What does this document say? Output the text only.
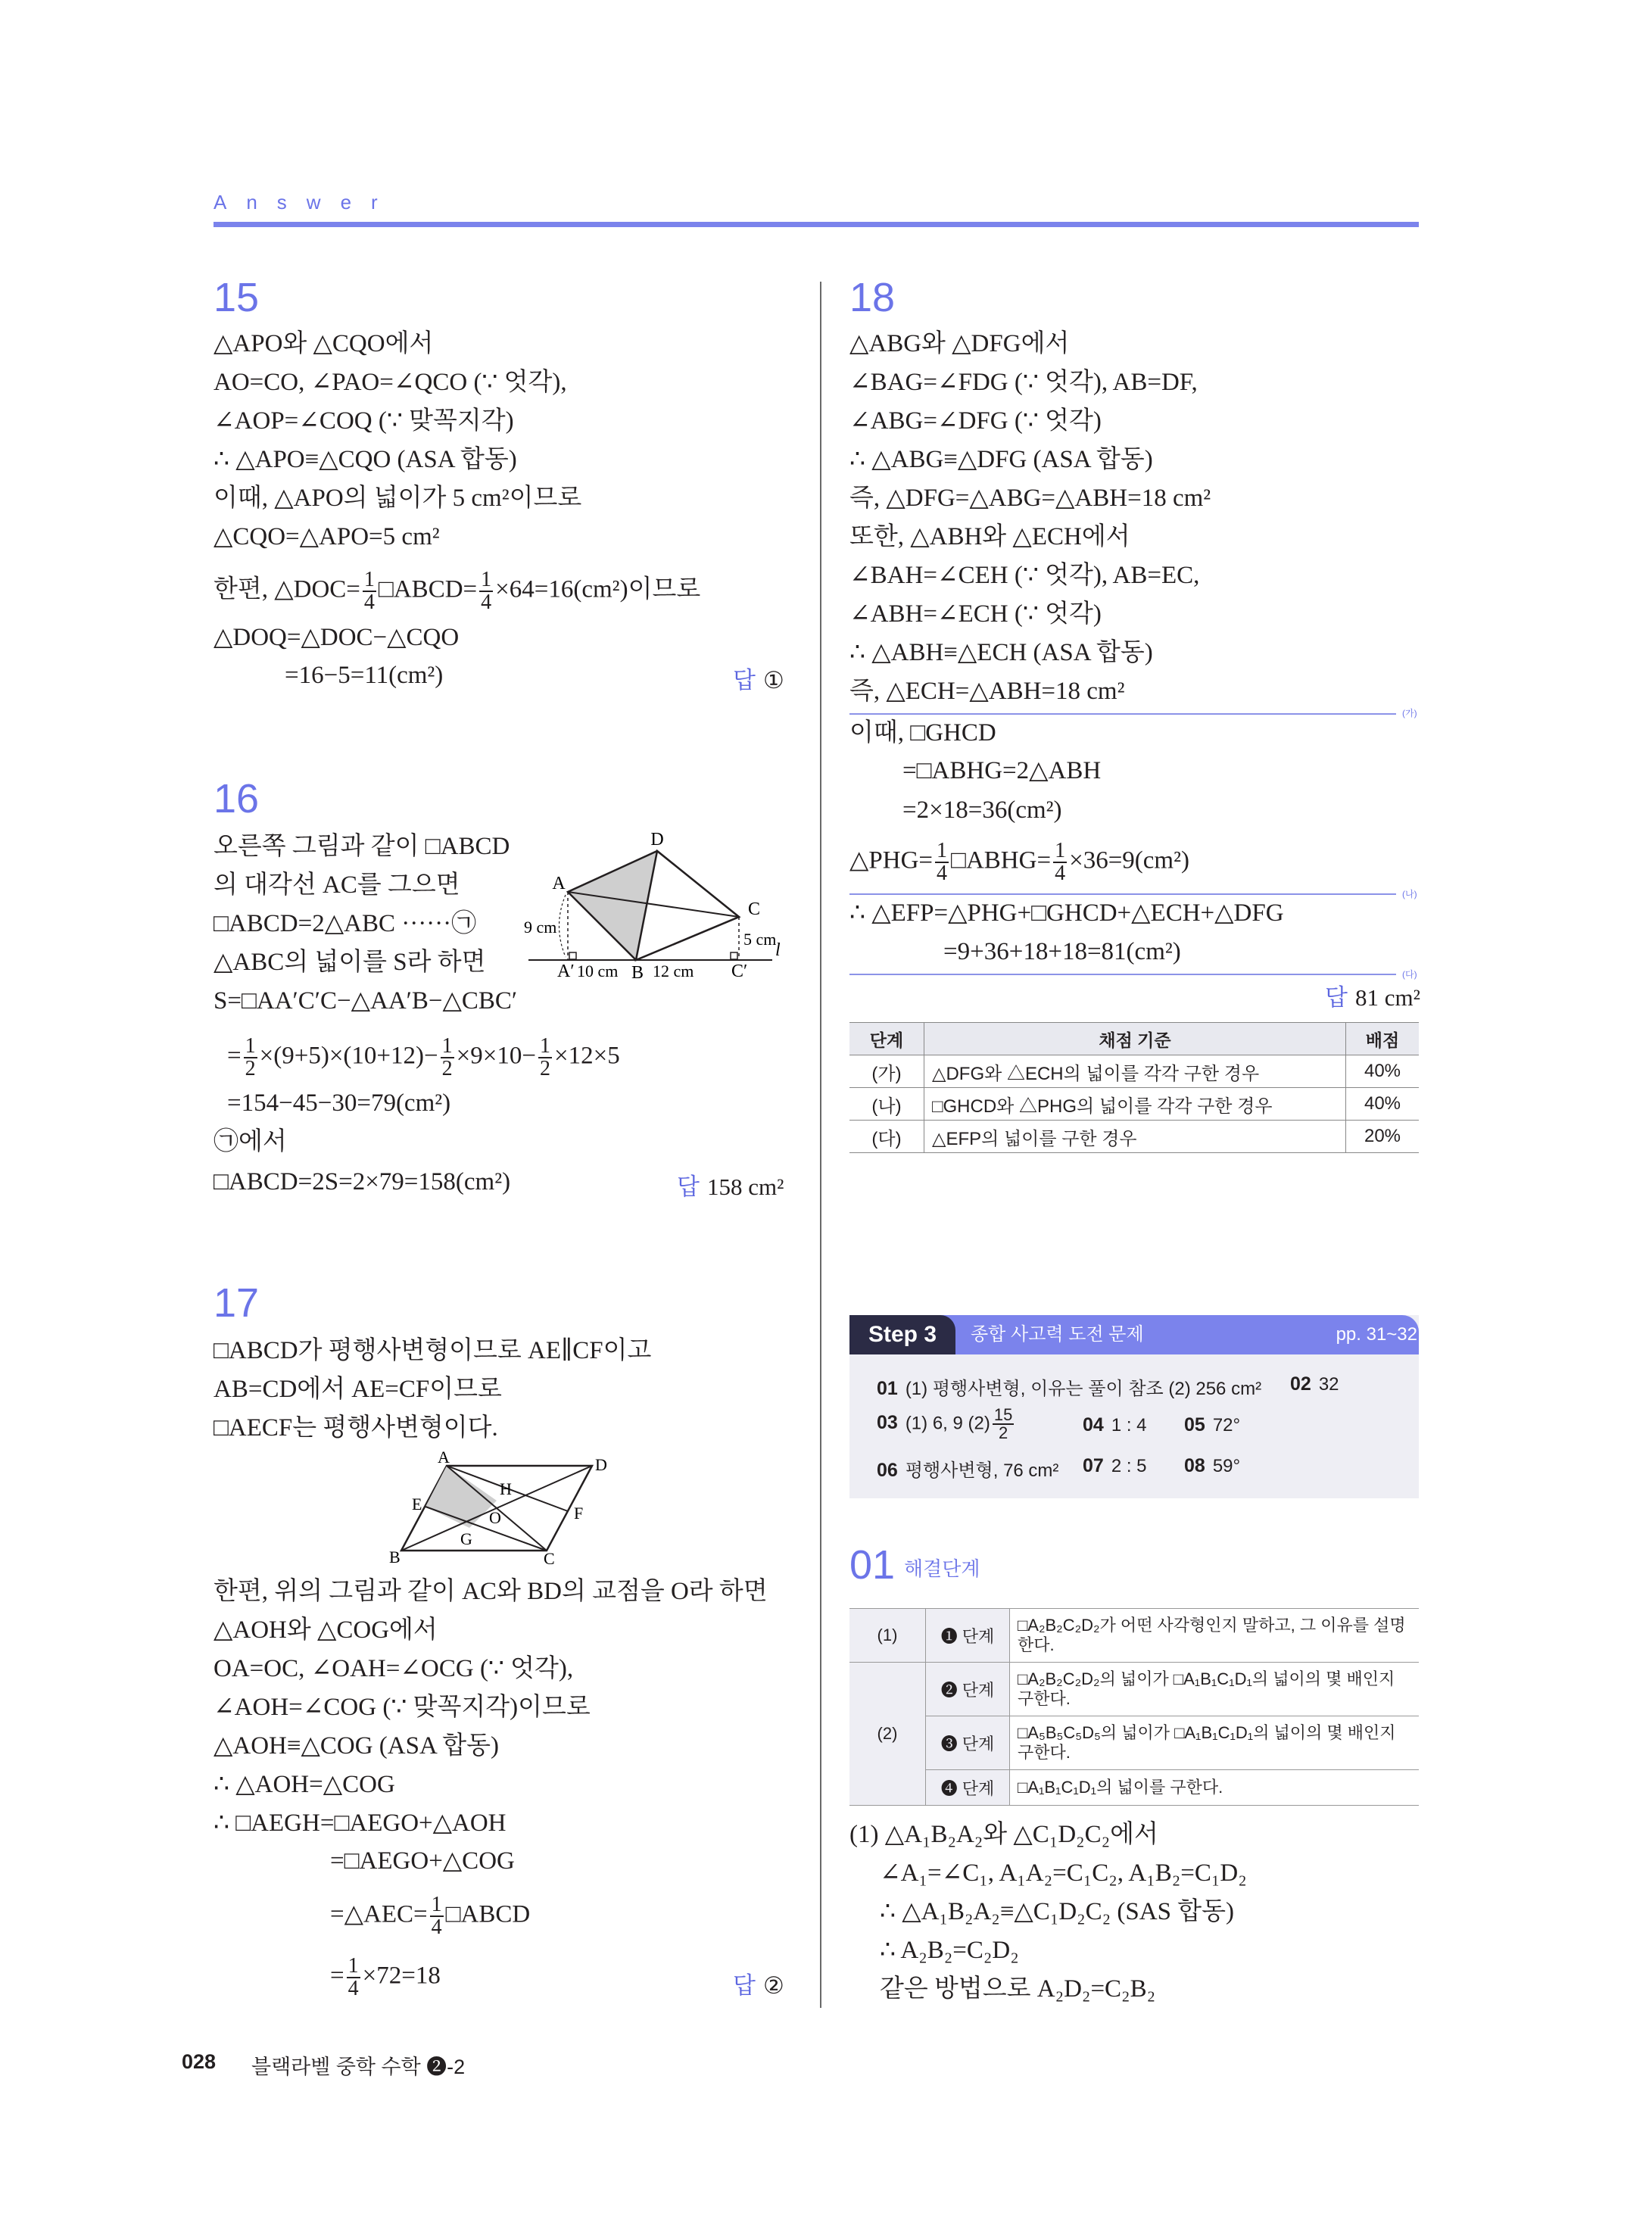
Answer
15
△APO와 △CQO에서
AO=CO, ∠PAO=∠QCO (∵ 엇각),
∠AOP=∠COQ (∵ 맞꼭지각)
∴ △APO≡△CQO (ASA 합동)
이때, △APO의 넓이가 5 cm²이므로
△CQO=△APO=5 cm²
한편, △DOC= $\frac{1}{4}$ □ABCD= $\frac{1}{4} \times 64=16(cm^2)$이므로
△DOQ=△DOC−△CQO
=16−5=11(cm²)	답 ①
16
오른쪽 그림과 같이 □ABCD
의 대각선 AC를 그으면
□ABCD=2△ABC ······㉠
△ABC의 넓이를 S라 하면
S=□AA′C′C−△AA′B−△CBC′
D
A
C
9 cm
5 cm
l
A′ 10 cm B 12 cm C′
= $\frac{1}{2} \times(9+5)\times(10+12)- \frac{1}{2} \times 9\times 10- \frac{1}{2} \times 12\times 5$
=154−45−30=79(cm²)
㉠에서
□ABCD=2S=2×79=158(cm²)	답 158 cm²
17
□ABCD가 평행사변형이므로 AE∥CF이고
AB=CD에서 AE=CF이므로
□AECF는 평행사변형이다.
A	D
B	C
E	F
G
H
O
한편, 위의 그림과 같이 AC와 BD의 교점을 O라 하면
△AOH와 △COG에서
OA=OC, ∠OAH=∠OCG (∵ 엇각),
∠AOH=∠COG (∵ 맞꼭지각)이므로
△AOH≡△COG (ASA 합동)
∴ △AOH=△COG
∴ □AEGH=□AEGO+△AOH
=□AEGO+△COG
=△AEC= $\frac{1}{4}$ □ABCD
= $\frac{1}{4} \times 72=18$	답 ②
18
△ABG와 △DFG에서
∠BAG=∠FDG (∵ 엇각), AB=DF,
∠ABG=∠DFG (∵ 엇각)
∴ △ABG≡△DFG (ASA 합동)
즉, △DFG=△ABG=△ABH=18 cm²
또한, △ABH와 △ECH에서
∠BAH=∠CEH (∵ 엇각), AB=EC,
∠ABH=∠ECH (∵ 엇각)
∴ △ABH≡△ECH (ASA 합동)
즉, △ECH=△ABH=18 cm²
(가)
이때, □GHCD
=□ABHG=2△ABH
=2×18=36(cm²)
△PHG= $\frac{1}{4}$ □ABHG= $\frac{1}{4} \times 36=9(cm^2)$
(나)
∴ △EFP=△PHG+□GHCD+△ECH+△DFG
=9+36+18+18=81(cm²)
(다)
답 81 cm²
단계	채점 기준	배점
(가)	△DFG와 △ECH의 넓이를 각각 구한 경우	40%
(나)	□GHCD와 △PHG의 넓이를 각각 구한 경우	40%
(다)	△EFP의 넓이를 구한 경우	20%
Step 3	종합 사고력 도전 문제	pp. 31~32
01 (1) 평행사변형, 이유는 풀이 참조 (2) 256 cm² 02 32
03 (1) 6, 9 $(2) \frac{15}{2}$	04 1 : 4 05 72°
06 평행사변형, 76 cm² 07 2 : 5 08 59°
01 해결단계
(1)	❶ 단계	□A₂B₂C₂D₂가 어떤 사각형인지 말하고, 그 이유를 설명한다.
(2)	❷ 단계	□A₂B₂C₂D₂의 넓이가 □A₁B₁C₁D₁의 넓이의 몇 배인지 구한다.
	❸ 단계	□A₅B₅C₅D₅의 넓이가 □A₁B₁C₁D₁의 넓이의 몇 배인지 구한다.
	❹ 단계	□A₁B₁C₁D₁의 넓이를 구한다.
(1) △A₁B₂A₂와 △C₁D₂C₂에서
∠A₁=∠C₁, A₁A₂=C₁C₂, A₁B₂=C₁D₂
∴ △A₁B₂A₂≡△C₁D₂C₂ (SAS 합동)
∴ A₂B₂=C₂D₂
같은 방법으로 A₂D₂=C₂B₂
028 블랙라벨 중학 수학 ❷-2
